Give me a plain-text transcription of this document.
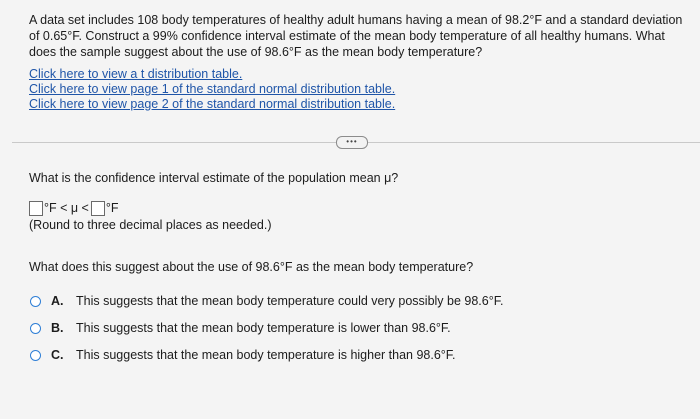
A data set includes 108 body temperatures of healthy adult humans having a mean of 98.2°F and a standard deviation
of 0.65°F. Construct a 99% confidence interval estimate of the mean body temperature of all healthy humans. What
does the sample suggest about the use of 98.6°F as the mean body temperature?
Click here to view a t distribution table.
Click here to view page 1 of the standard normal distribution table.
Click here to view page 2 of the standard normal distribution table.
•••
What is the confidence interval estimate of the population mean μ?
°F < μ < °F
(Round to three decimal places as needed.)
What does this suggest about the use of 98.6°F as the mean body temperature?
A. This suggests that the mean body temperature could very possibly be 98.6°F.
B. This suggests that the mean body temperature is lower than 98.6°F.
C. This suggests that the mean body temperature is higher than 98.6°F.
